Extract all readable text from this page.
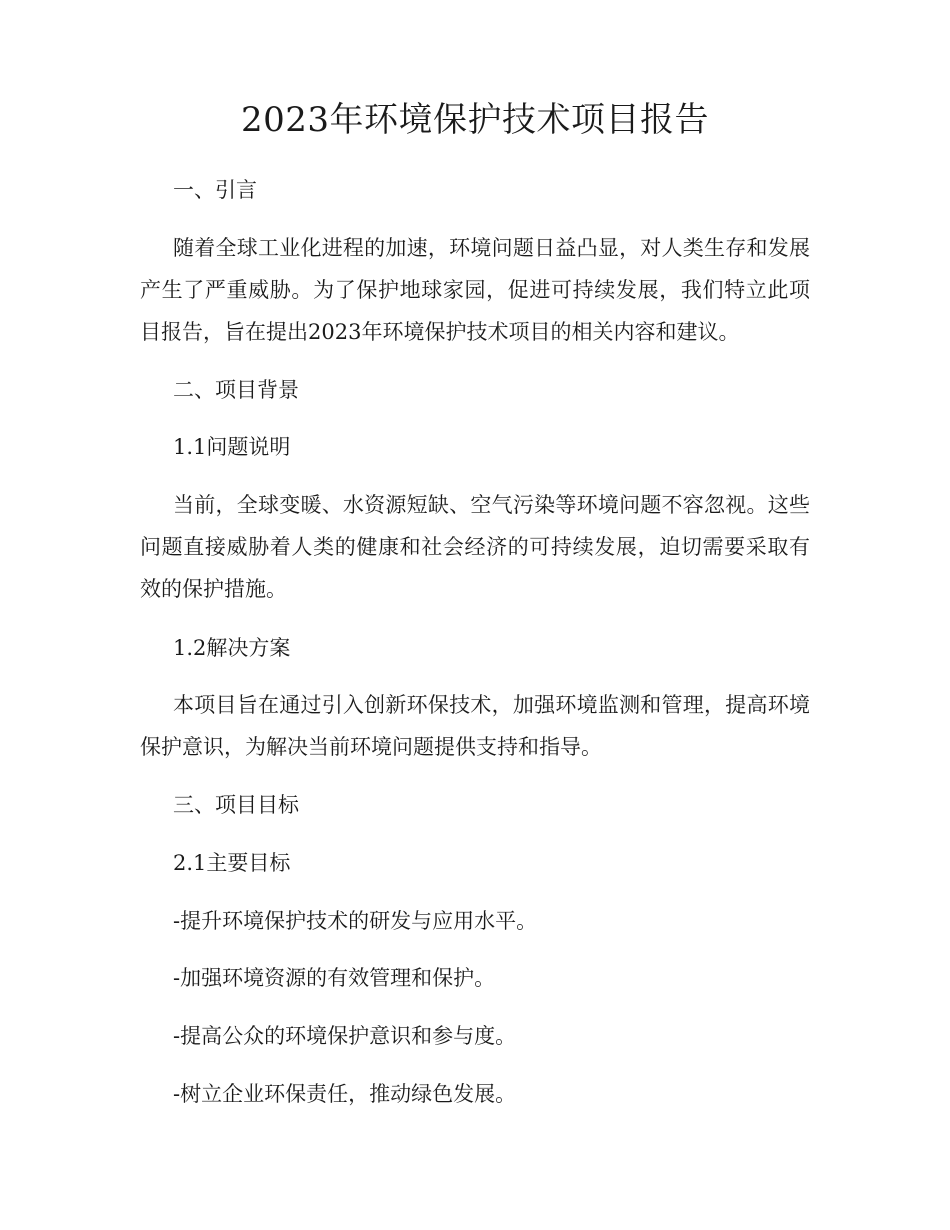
2023年环境保护技术项目报告

一、引言

随着全球工业化进程的加速，环境问题日益凸显，对人类生存和发展产生了严重威胁。为了保护地球家园，促进可持续发展，我们特立此项目报告，旨在提出2023年环境保护技术项目的相关内容和建议。

二、项目背景

1.1问题说明

当前，全球变暖、水资源短缺、空气污染等环境问题不容忽视。这些问题直接威胁着人类的健康和社会经济的可持续发展，迫切需要采取有效的保护措施。

1.2解决方案

本项目旨在通过引入创新环保技术，加强环境监测和管理，提高环境保护意识，为解决当前环境问题提供支持和指导。

三、项目目标

2.1主要目标

-提升环境保护技术的研发与应用水平。

-加强环境资源的有效管理和保护。

-提高公众的环境保护意识和参与度。

-树立企业环保责任，推动绿色发展。
